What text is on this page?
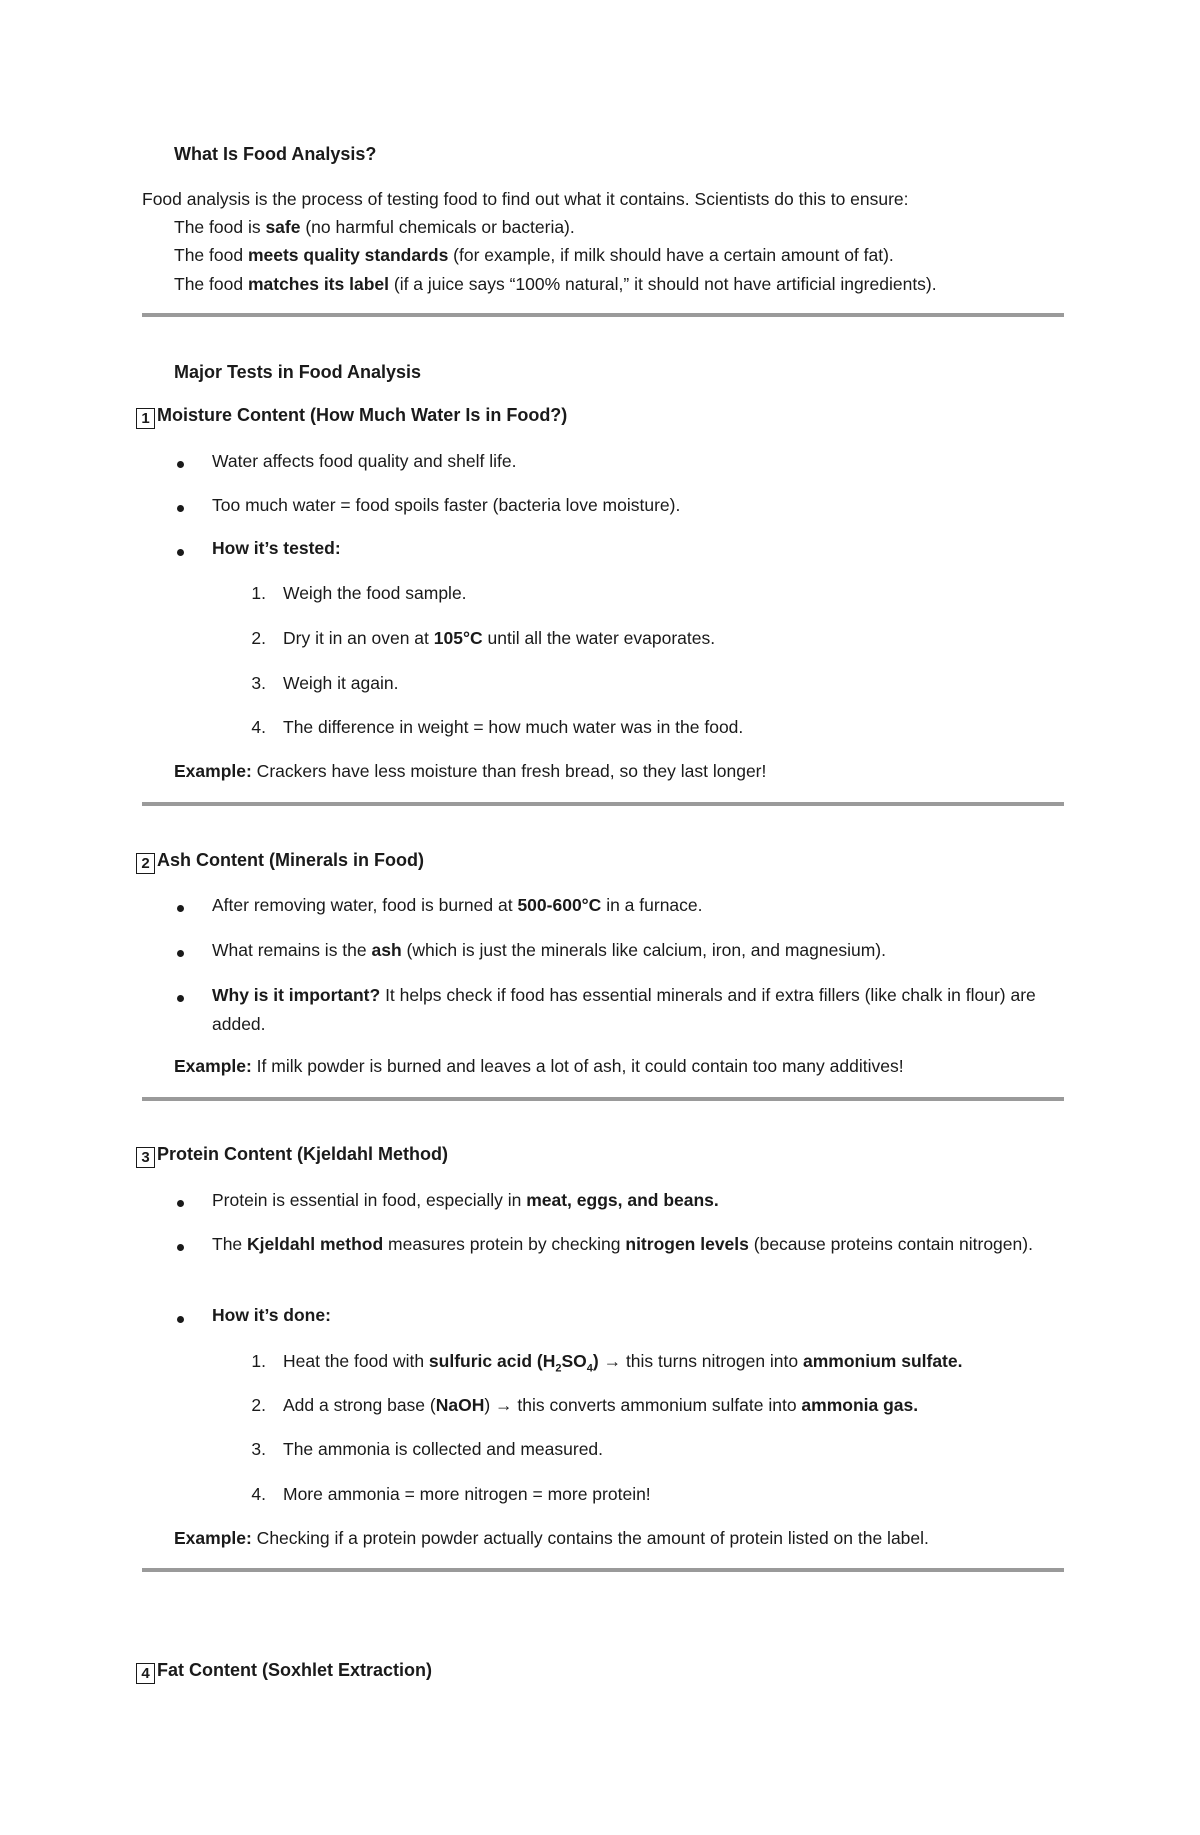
What Is Food Analysis?
Food analysis is the process of testing food to find out what it contains. Scientists do this to ensure:
The food is safe (no harmful chemicals or bacteria).
The food meets quality standards (for example, if milk should have a certain amount of fat).
The food matches its label (if a juice says “100% natural,” it should not have artificial ingredients).
Major Tests in Food Analysis
1 Moisture Content (How Much Water Is in Food?)
Water affects food quality and shelf life.
Too much water = food spoils faster (bacteria love moisture).
How it’s tested:
1. Weigh the food sample.
2. Dry it in an oven at 105°C until all the water evaporates.
3. Weigh it again.
4. The difference in weight = how much water was in the food.
Example: Crackers have less moisture than fresh bread, so they last longer!
2 Ash Content (Minerals in Food)
After removing water, food is burned at 500-600°C in a furnace.
What remains is the ash (which is just the minerals like calcium, iron, and magnesium).
Why is it important? It helps check if food has essential minerals and if extra fillers (like chalk in flour) are added.
Example: If milk powder is burned and leaves a lot of ash, it could contain too many additives!
3 Protein Content (Kjeldahl Method)
Protein is essential in food, especially in meat, eggs, and beans.
The Kjeldahl method measures protein by checking nitrogen levels (because proteins contain nitrogen).
How it’s done:
1. Heat the food with sulfuric acid $(H_2SO_4)$ → this turns nitrogen into ammonium sulfate.
2. Add a strong base (NaOH) → this converts ammonium sulfate into ammonia gas.
3. The ammonia is collected and measured.
4. More ammonia = more nitrogen = more protein!
Example: Checking if a protein powder actually contains the amount of protein listed on the label.
4 Fat Content (Soxhlet Extraction)
